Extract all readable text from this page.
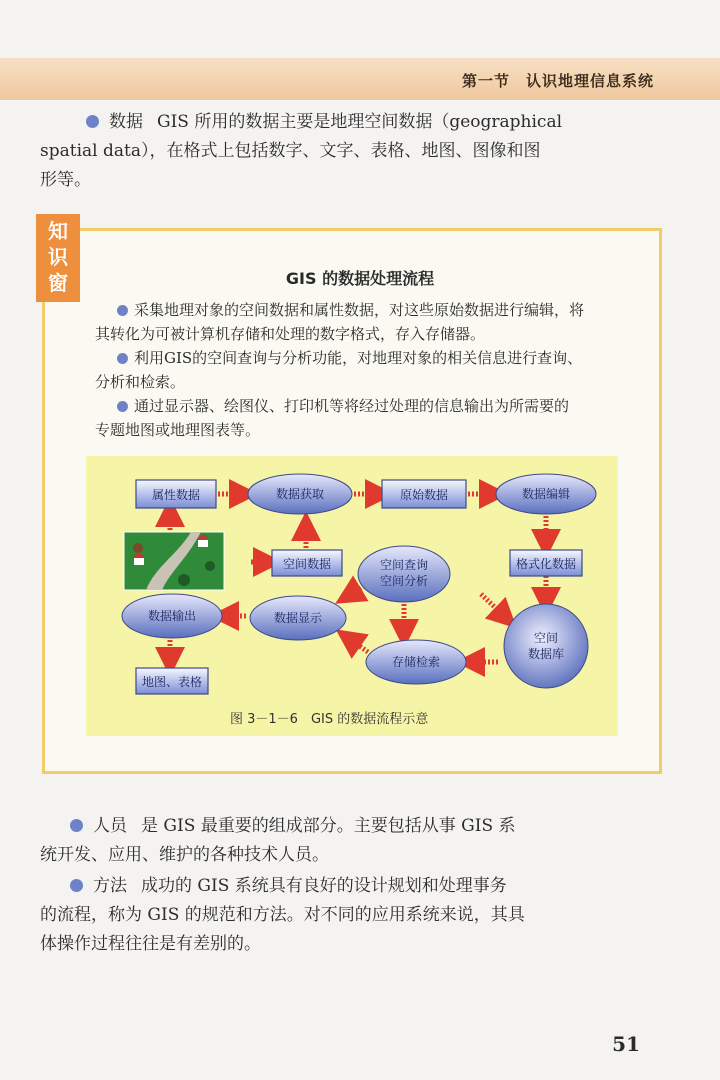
第一节　认识地理信息系统
数据 GIS 所用的数据主要是地理空间数据（geographical
spatial data），在格式上包括数字、文字、表格、地图、图像和图
形等。
知
识
窗	GIS 的数据处理流程
采集地理对象的空间数据和属性数据，对这些原始数据进行编辑，将
其转化为可被计算机存储和处理的数字格式，存入存储器。
利用GIS的空间查询与分析功能，对地理对象的相关信息进行查询、
分析和检索。
通过显示器、绘图仪、打印机等将经过处理的信息输出为所需要的
专题地图或地理图表等。
属性数据	原始数据
空间数据	格式化数据
地图、表格
数据获取	数据编辑
空间查询
空间分析
数据输出	数据显示
存储检索
空间
数据库
图 3－1－6　GIS 的数据流程示意
人员 是 GIS 最重要的组成部分。主要包括从事 GIS 系
统开发、应用、维护的各种技术人员。
方法 成功的 GIS 系统具有良好的设计规划和处理事务
的流程，称为 GIS 的规范和方法。对不同的应用系统来说，其具
体操作过程往往是有差别的。
51
